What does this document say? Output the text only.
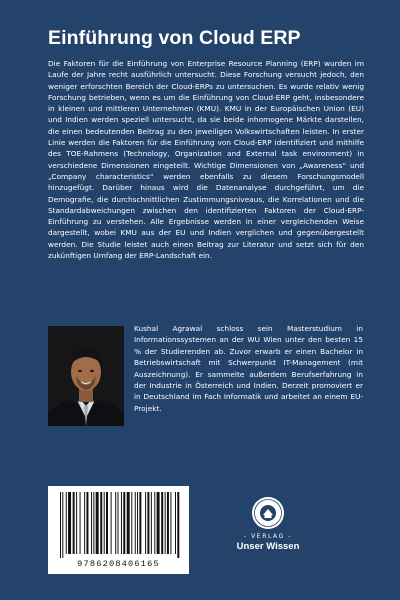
Einführung von Cloud ERP
Die Faktoren für die Einführung von Enterprise Resource Planning (ERP) wurden im Laufe der Jahre recht ausführlich untersucht. Diese Forschung versucht jedoch, den weniger erforschten Bereich der Cloud-ERPs zu untersuchen. Es wurde relativ wenig Forschung betrieben, wenn es um die Einführung von Cloud-ERP geht, insbesondere in kleinen und mittleren Unternehmen (KMU). KMU in der Europäischen Union (EU) und Indien werden speziell untersucht, da sie beide inhomogene Märkte darstellen, die einen bedeutenden Beitrag zu den jeweiligen Volkswirtschaften leisten. In erster Linie werden die Faktoren für die Einführung von Cloud-ERP identifiziert und mithilfe des TOE-Rahmens (Technology, Organization and External task environment) in verschiedene Dimensionen eingeteilt. Wichtige Dimensionen von „Awareness“ und „Company characteristics“ werden ebenfalls zu diesem Forschungsmodell hinzugefügt. Darüber hinaus wird die Datenanalyse durchgeführt, um die Demografie, die durchschnittlichen Zustimmungsniveaus, die Korrelationen und die Standardabweichungen zwischen den identifizierten Faktoren der Cloud-ERP-Einführung zu verstehen. Alle Ergebnisse werden in einer vergleichenden Weise dargestellt, wobei KMU aus der EU und Indien verglichen und gegenübergestellt werden. Die Studie leistet auch einen Beitrag zur Literatur und setzt sich für den zukünftigen Umfang der ERP-Landschaft ein.
Kushal Agrawal schloss sein Masterstudium in Informationssystemen an der WU Wien unter den besten 15 % der Studierenden ab. Zuvor erwarb er einen Bachelor in Betriebswirtschaft mit Schwerpunkt IT-Management (mit Auszeichnung). Er sammelte außerdem Berufserfahrung in der Industrie in Österreich und Indien. Derzeit promoviert er in Deutschland im Fach Informatik und arbeitet an einem EU-Projekt.
9786208406165
- VERLAG -
Unser Wissen
